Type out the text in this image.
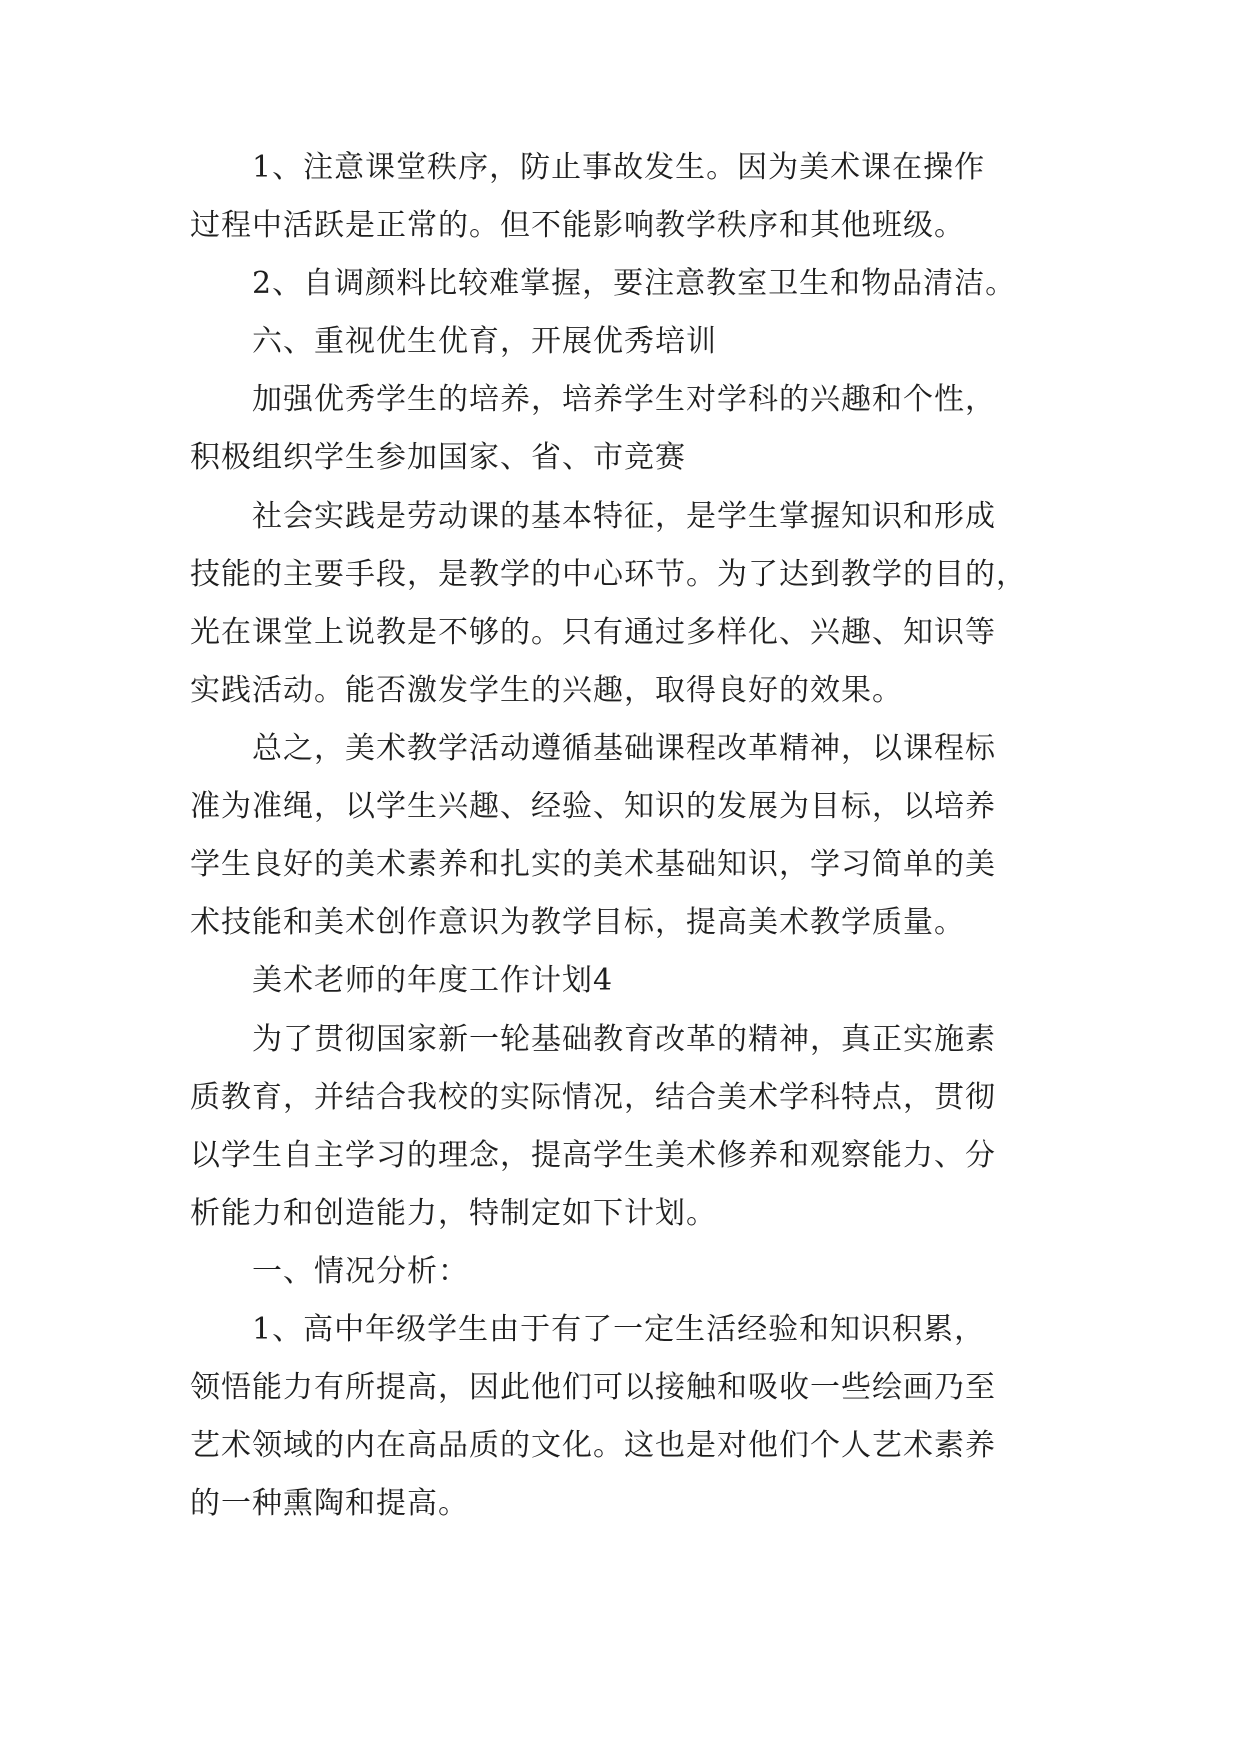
1、注意课堂秩序，防止事故发生。因为美术课在操作
过程中活跃是正常的。但不能影响教学秩序和其他班级。
2、自调颜料比较难掌握，要注意教室卫生和物品清洁。
六、重视优生优育，开展优秀培训
加强优秀学生的培养，培养学生对学科的兴趣和个性，
积极组织学生参加国家、省、市竞赛
社会实践是劳动课的基本特征，是学生掌握知识和形成
技能的主要手段，是教学的中心环节。为了达到教学的目的，
光在课堂上说教是不够的。只有通过多样化、兴趣、知识等
实践活动。能否激发学生的兴趣，取得良好的效果。
总之，美术教学活动遵循基础课程改革精神，以课程标
准为准绳，以学生兴趣、经验、知识的发展为目标，以培养
学生良好的美术素养和扎实的美术基础知识，学习简单的美
术技能和美术创作意识为教学目标，提高美术教学质量。
美术老师的年度工作计划4
为了贯彻国家新一轮基础教育改革的精神，真正实施素
质教育，并结合我校的实际情况，结合美术学科特点，贯彻
以学生自主学习的理念，提高学生美术修养和观察能力、分
析能力和创造能力，特制定如下计划。
一、情况分析：
1、高中年级学生由于有了一定生活经验和知识积累，
领悟能力有所提高，因此他们可以接触和吸收一些绘画乃至
艺术领域的内在高品质的文化。这也是对他们个人艺术素养
的一种熏陶和提高。
